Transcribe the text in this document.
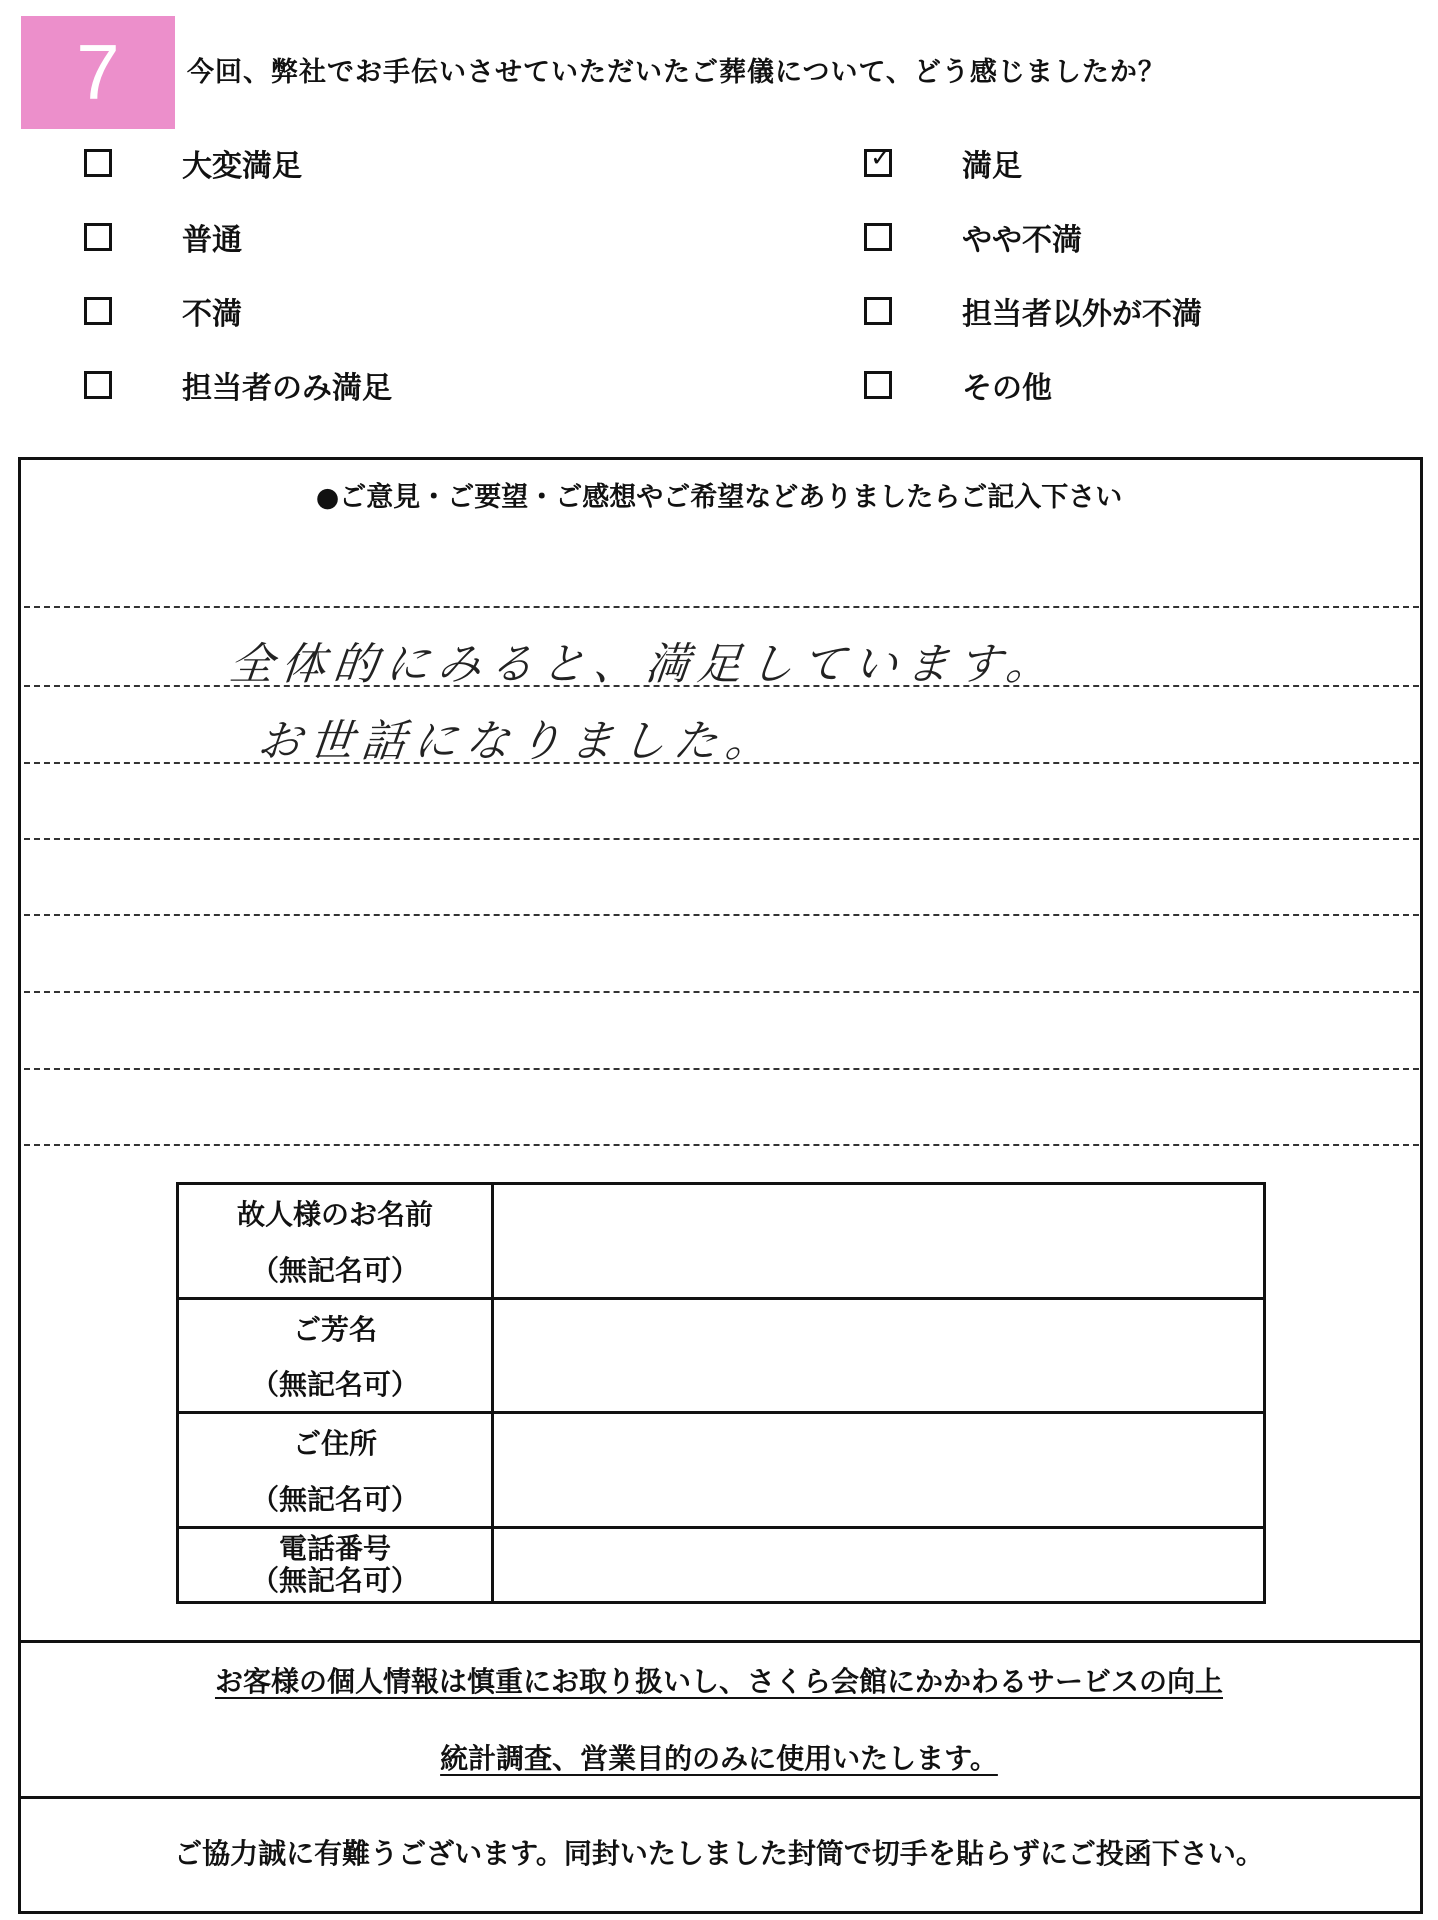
7	今回、弊社でお手伝いさせていただいたご葬儀について、どう感じましたか？
大変満足	✓ 満足
普通	やや不満
不満	担当者以外が不満
担当者のみ満足	その他
●ご意見・ご要望・ご感想やご希望などありましたらご記入下さい
全体的にみると、満足しています。
お世話になりました。
故人様のお名前
（無記名可）
ご芳名
（無記名可）
ご住所
（無記名可）
電話番号
（無記名可）
お客様の個人情報は慎重にお取り扱いし、さくら会館にかかわるサービスの向上
統計調査、営業目的のみに使用いたします。
ご協力誠に有難うございます。同封いたしました封筒で切手を貼らずにご投函下さい。
